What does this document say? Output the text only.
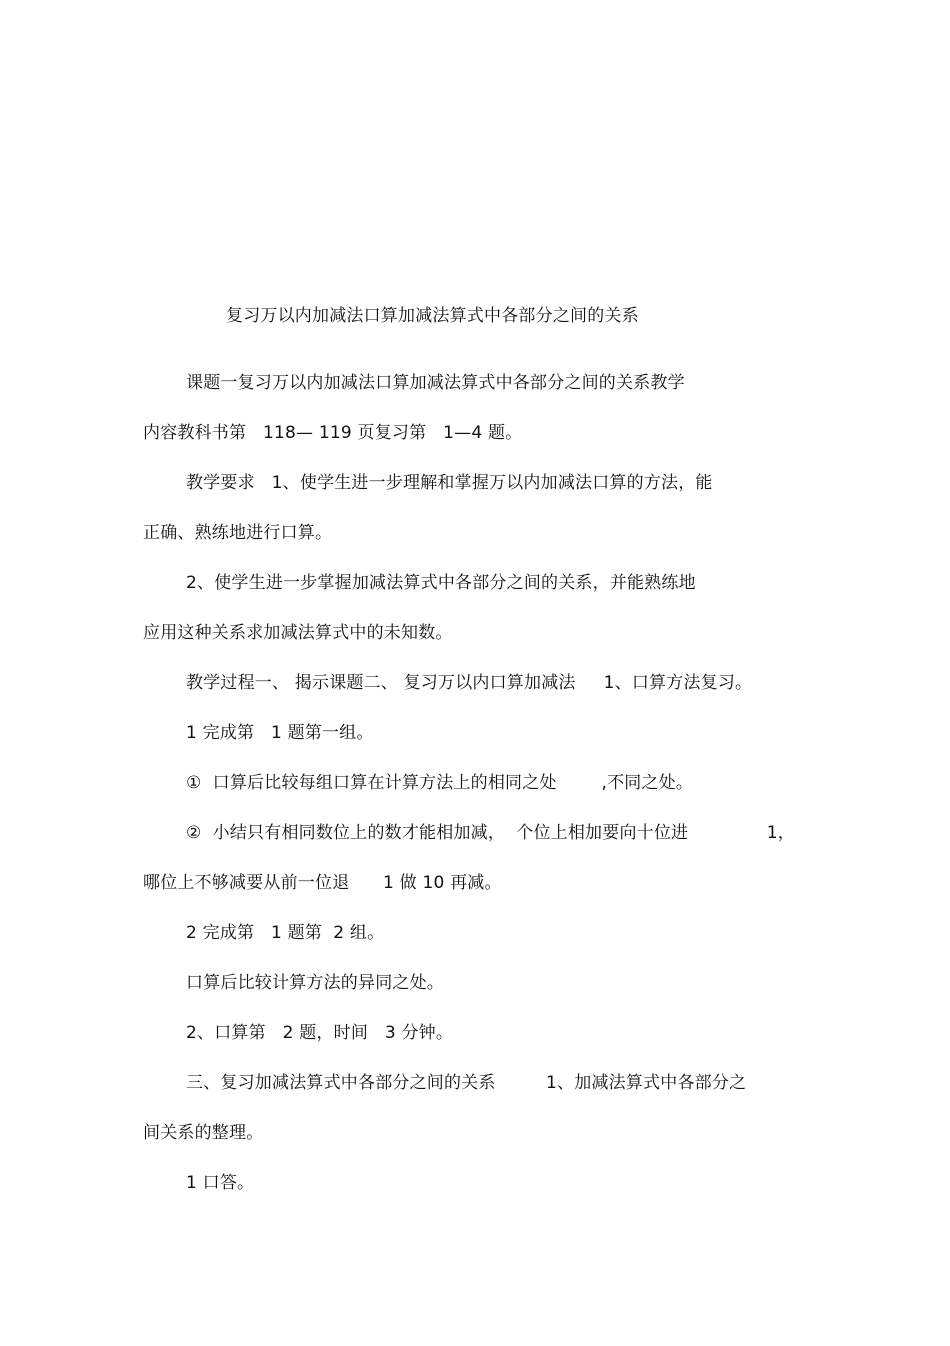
复习万以内加减法口算加减法算式中各部分之间的关系
课题一复习万以内加减法口算加减法算式中各部分之间的关系教学
内容教科书第   118— 119 页复习第   1—4 题。
教学要求   1、使学生进一步理解和掌握万以内加减法口算的方法，能
正确、熟练地进行口算。
2、使学生进一步掌握加减法算式中各部分之间的关系，并能熟练地
应用这种关系求加减法算式中的未知数。
教学过程一、 揭示课题二、 复习万以内口算加减法     1、口算方法复习。
1 完成第   1 题第一组。
①  口算后比较每组口算在计算方法上的相同之处        ,不同之处。
②  小结只有相同数位上的数才能相加减，  个位上相加要向十位进              1，
哪位上不够减要从前一位退      1 做 10 再减。
2 完成第   1 题第  2 组。
口算后比较计算方法的异同之处。
2、口算第   2 题，时间   3 分钟。
三、复习加减法算式中各部分之间的关系         1、加减法算式中各部分之
间关系的整理。
1 口答。
